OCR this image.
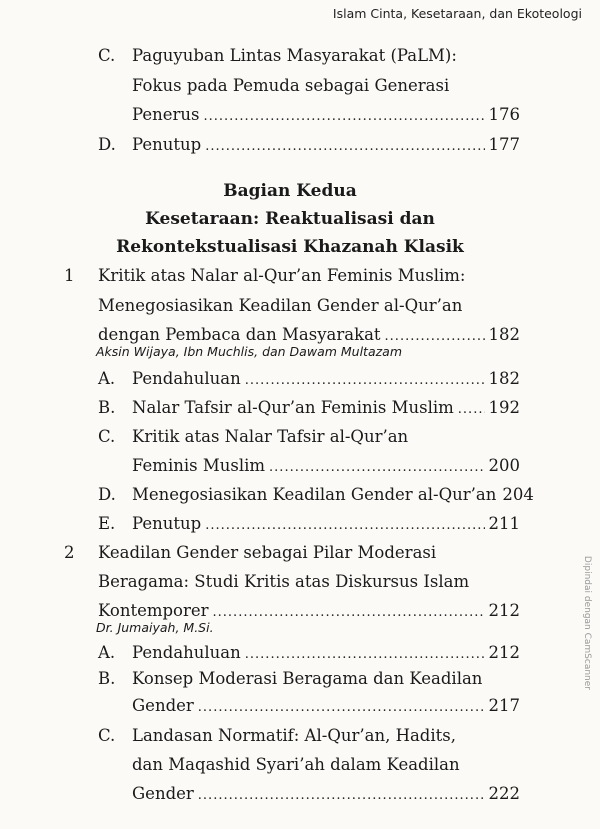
Islam Cinta, Kesetaraan, dan Ekoteologi
C.	Paguyuban Lintas Masyarakat (PaLM):
Fokus pada Pemuda sebagai Generasi
Penerus .....	176
D. Penutup .....	177
Bagian Kedua
Kesetaraan: Reaktualisasi dan
Rekontekstualisasi Khazanah Klasik
1	Kritik atas Nalar al-Qur’an Feminis Muslim:
Menegosiasikan Keadilan Gender al-Qur’an
dengan Pembaca dan Masyarakat .....	182
Aksin Wijaya, Ibn Muchlis, dan Dawam Multazam
A.	Pendahuluan .....	182
B.	Nalar Tafsir al-Qur’an Feminis Muslim ..... 192
C.	Kritik atas Nalar Tafsir al-Qur’an
Feminis Muslim .....	200
D. Menegosiasikan Keadilan Gender al-Qur’an 204
E.	Penutup .....	211
2	Keadilan Gender sebagai Pilar Moderasi
Beragama: Studi Kritis atas Diskursus Islam
Kontemporer .....	212
Dr. Jumaiyah, M.Si.
A.	Pendahuluan .....	212
B.	Konsep Moderasi Beragama dan Keadilan
Gender .....	217
C.	Landasan Normatif: Al-Qur’an, Hadits,
dan Maqashid Syari’ah dalam Keadilan
Gender .....	222
Dipindai dengan CamScanner
